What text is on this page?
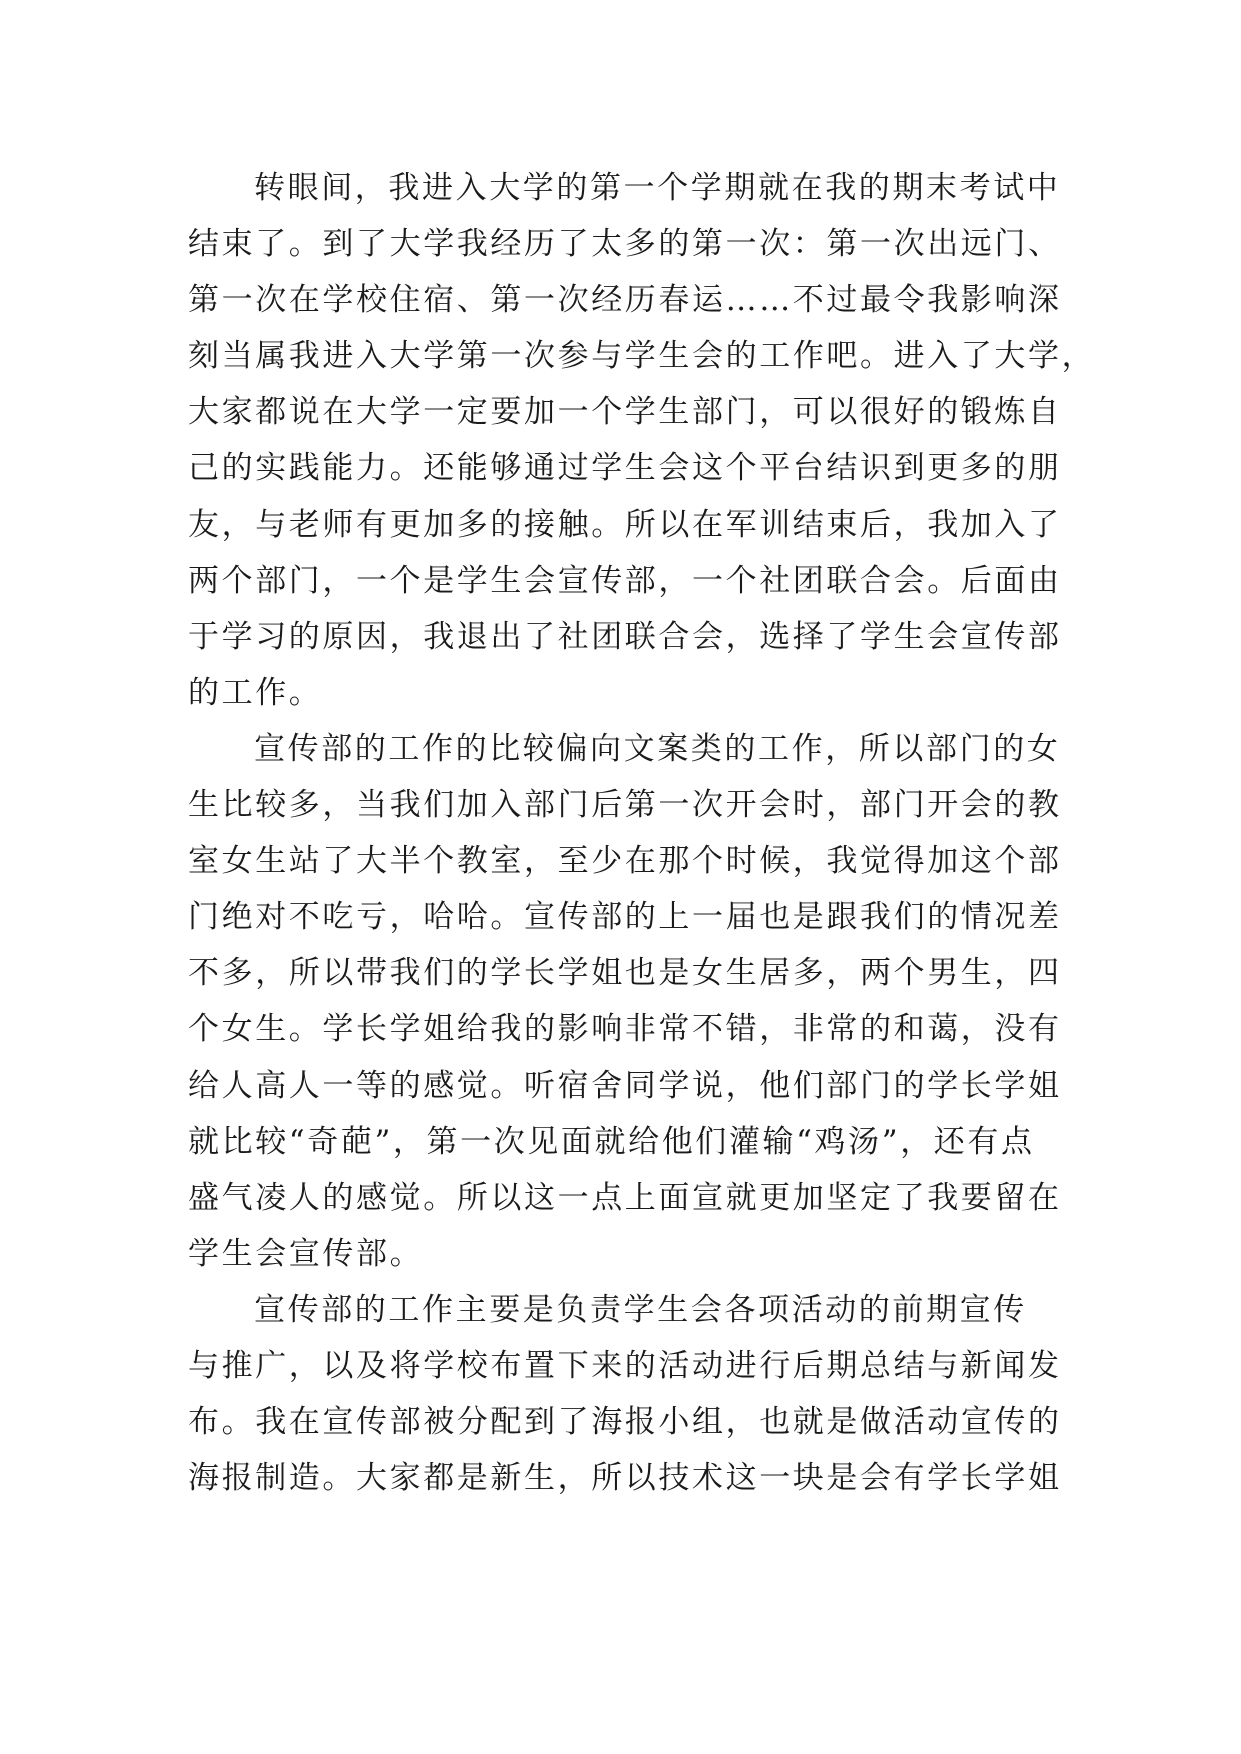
转眼间，我进入大学的第一个学期就在我的期末考试中
结束了。到了大学我经历了太多的第一次：第一次出远门、
第一次在学校住宿、第一次经历春运……不过最令我影响深
刻当属我进入大学第一次参与学生会的工作吧。进入了大学，
大家都说在大学一定要加一个学生部门，可以很好的锻炼自
己的实践能力。还能够通过学生会这个平台结识到更多的朋
友，与老师有更加多的接触。所以在军训结束后，我加入了
两个部门，一个是学生会宣传部，一个社团联合会。后面由
于学习的原因，我退出了社团联合会，选择了学生会宣传部
的工作。
宣传部的工作的比较偏向文案类的工作，所以部门的女
生比较多，当我们加入部门后第一次开会时，部门开会的教
室女生站了大半个教室，至少在那个时候，我觉得加这个部
门绝对不吃亏，哈哈。宣传部的上一届也是跟我们的情况差
不多，所以带我们的学长学姐也是女生居多，两个男生，四
个女生。学长学姐给我的影响非常不错，非常的和蔼，没有
给人高人一等的感觉。听宿舍同学说，他们部门的学长学姐
就比较“奇葩”，第一次见面就给他们灌输“鸡汤”，还有点
盛气凌人的感觉。所以这一点上面宣就更加坚定了我要留在
学生会宣传部。
宣传部的工作主要是负责学生会各项活动的前期宣传
与推广，以及将学校布置下来的活动进行后期总结与新闻发
布。我在宣传部被分配到了海报小组，也就是做活动宣传的
海报制造。大家都是新生，所以技术这一块是会有学长学姐
